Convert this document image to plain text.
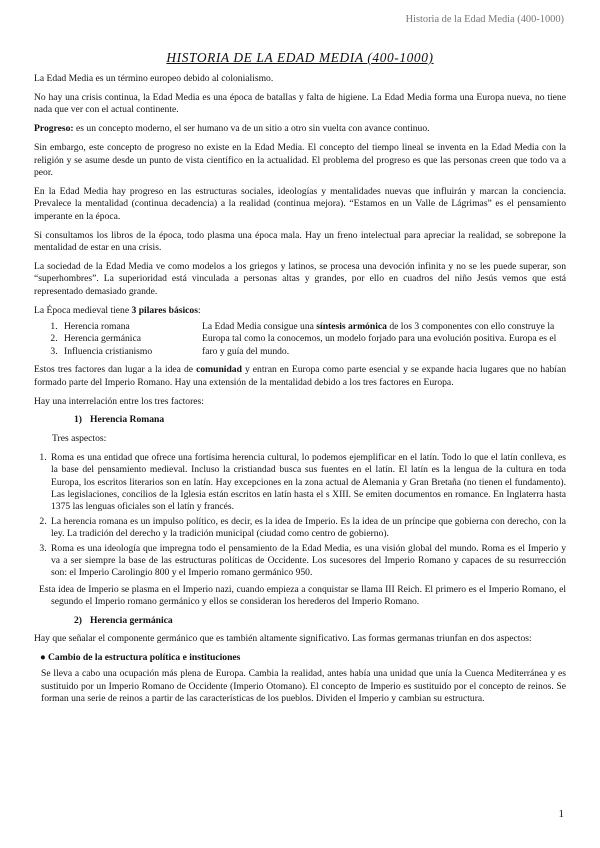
Historia de la Edad Media (400-1000)
HISTORIA DE LA EDAD MEDIA (400-1000)

La Edad Media es un término europeo debido al colonialismo.

No hay una crisis continua, la Edad Media es una época de batallas y falta de higiene. La Edad Media forma una Europa nueva, no tiene nada que ver con el actual continente.

Progreso: es un concepto moderno, el ser humano va de un sitio a otro sin vuelta con avance continuo.

Sin embargo, este concepto de progreso no existe en la Edad Media. El concepto del tiempo lineal se inventa en la Edad Media con la religión y se asume desde un punto de vista científico en la actualidad. El problema del progreso es que las personas creen que todo va a peor.

En la Edad Media hay progreso en las estructuras sociales, ideologías y mentalidades nuevas que influirán y marcan la conciencia. Prevalece la mentalidad (continua decadencia) a la realidad (continua mejora). “Estamos en un Valle de Lágrimas” es el pensamiento imperante en la época.

Si consultamos los libros de la época, todo plasma una época mala. Hay un freno intelectual para apreciar la realidad, se sobrepone la mentalidad de estar en una crisis.

La sociedad de la Edad Media ve como modelos a los griegos y latinos, se procesa una devoción infinita y no se les puede superar, son “superhombres”. La superioridad está vinculada a personas altas y grandes, por ello en cuadros del niño Jesús vemos que está representado demasiado grande.

La Época medieval tiene 3 pilares básicos:

1. Herencia romana
2. Herencia germánica
3. Influencia cristianismo
La Edad Media consigue una síntesis armónica de los 3 componentes con ello construye la Europa tal como la conocemos, un modelo forjado para una evolución positiva. Europa es el faro y guía del mundo.

Estos tres factores dan lugar a la idea de comunidad y entran en Europa como parte esencial y se expande hacia lugares que no habían formado parte del Imperio Romano. Hay una extensión de la mentalidad debido a los tres factores en Europa.

Hay una interrelación entre los tres factores:

1) Herencia Romana

Tres aspectos:

1. Roma es una entidad que ofrece una fortísima herencia cultural, lo podemos ejemplificar en el latín. Todo lo que el latín conlleva, es la base del pensamiento medieval. Incluso la cristiandad busca sus fuentes en el latín. El latín es la lengua de la cultura en toda Europa, los escritos literarios son en latín. Hay excepciones en la zona actual de Alemania y Gran Bretaña (no tienen el fundamento). Las legislaciones, concilios de la Iglesia están escritos en latín hasta el s XIII. Se emiten documentos en romance. En Inglaterra hasta 1375 las lenguas oficiales son el latín y francés.
2. La herencia romana es un impulso político, es decir, es la idea de Imperio. Es la idea de un príncipe que gobierna con derecho, con la ley. La tradición del derecho y la tradición municipal (ciudad como centro de gobierno).
3. Roma es una ideología que impregna todo el pensamiento de la Edad Media, es una visión global del mundo. Roma es el Imperio y va a ser siempre la base de las estructuras políticas de Occidente. Los sucesores del Imperio Romano y capaces de su resurrección son: el Imperio Carolingio 800 y el Imperio romano germánico 950.

Esta idea de Imperio se plasma en el Imperio nazi, cuando empieza a conquistar se llama III Reich. El primero es el Imperio Romano, el segundo el Imperio romano germánico y ellos se consideran los herederos del Imperio Romano.

2) Herencia germánica

Hay que señalar el componente germánico que es también altamente significativo. Las formas germanas triunfan en dos aspectos:

● Cambio de la estructura política e instituciones

Se lleva a cabo una ocupación más plena de Europa. Cambia la realidad, antes había una unidad que unía la Cuenca Mediterránea y es sustituido por un Imperio Romano de Occidente (Imperio Otomano). El concepto de Imperio es sustituido por el concepto de reinos. Se forman una serie de reinos a partir de las características de los pueblos. Dividen el Imperio y cambian su estructura.

1
